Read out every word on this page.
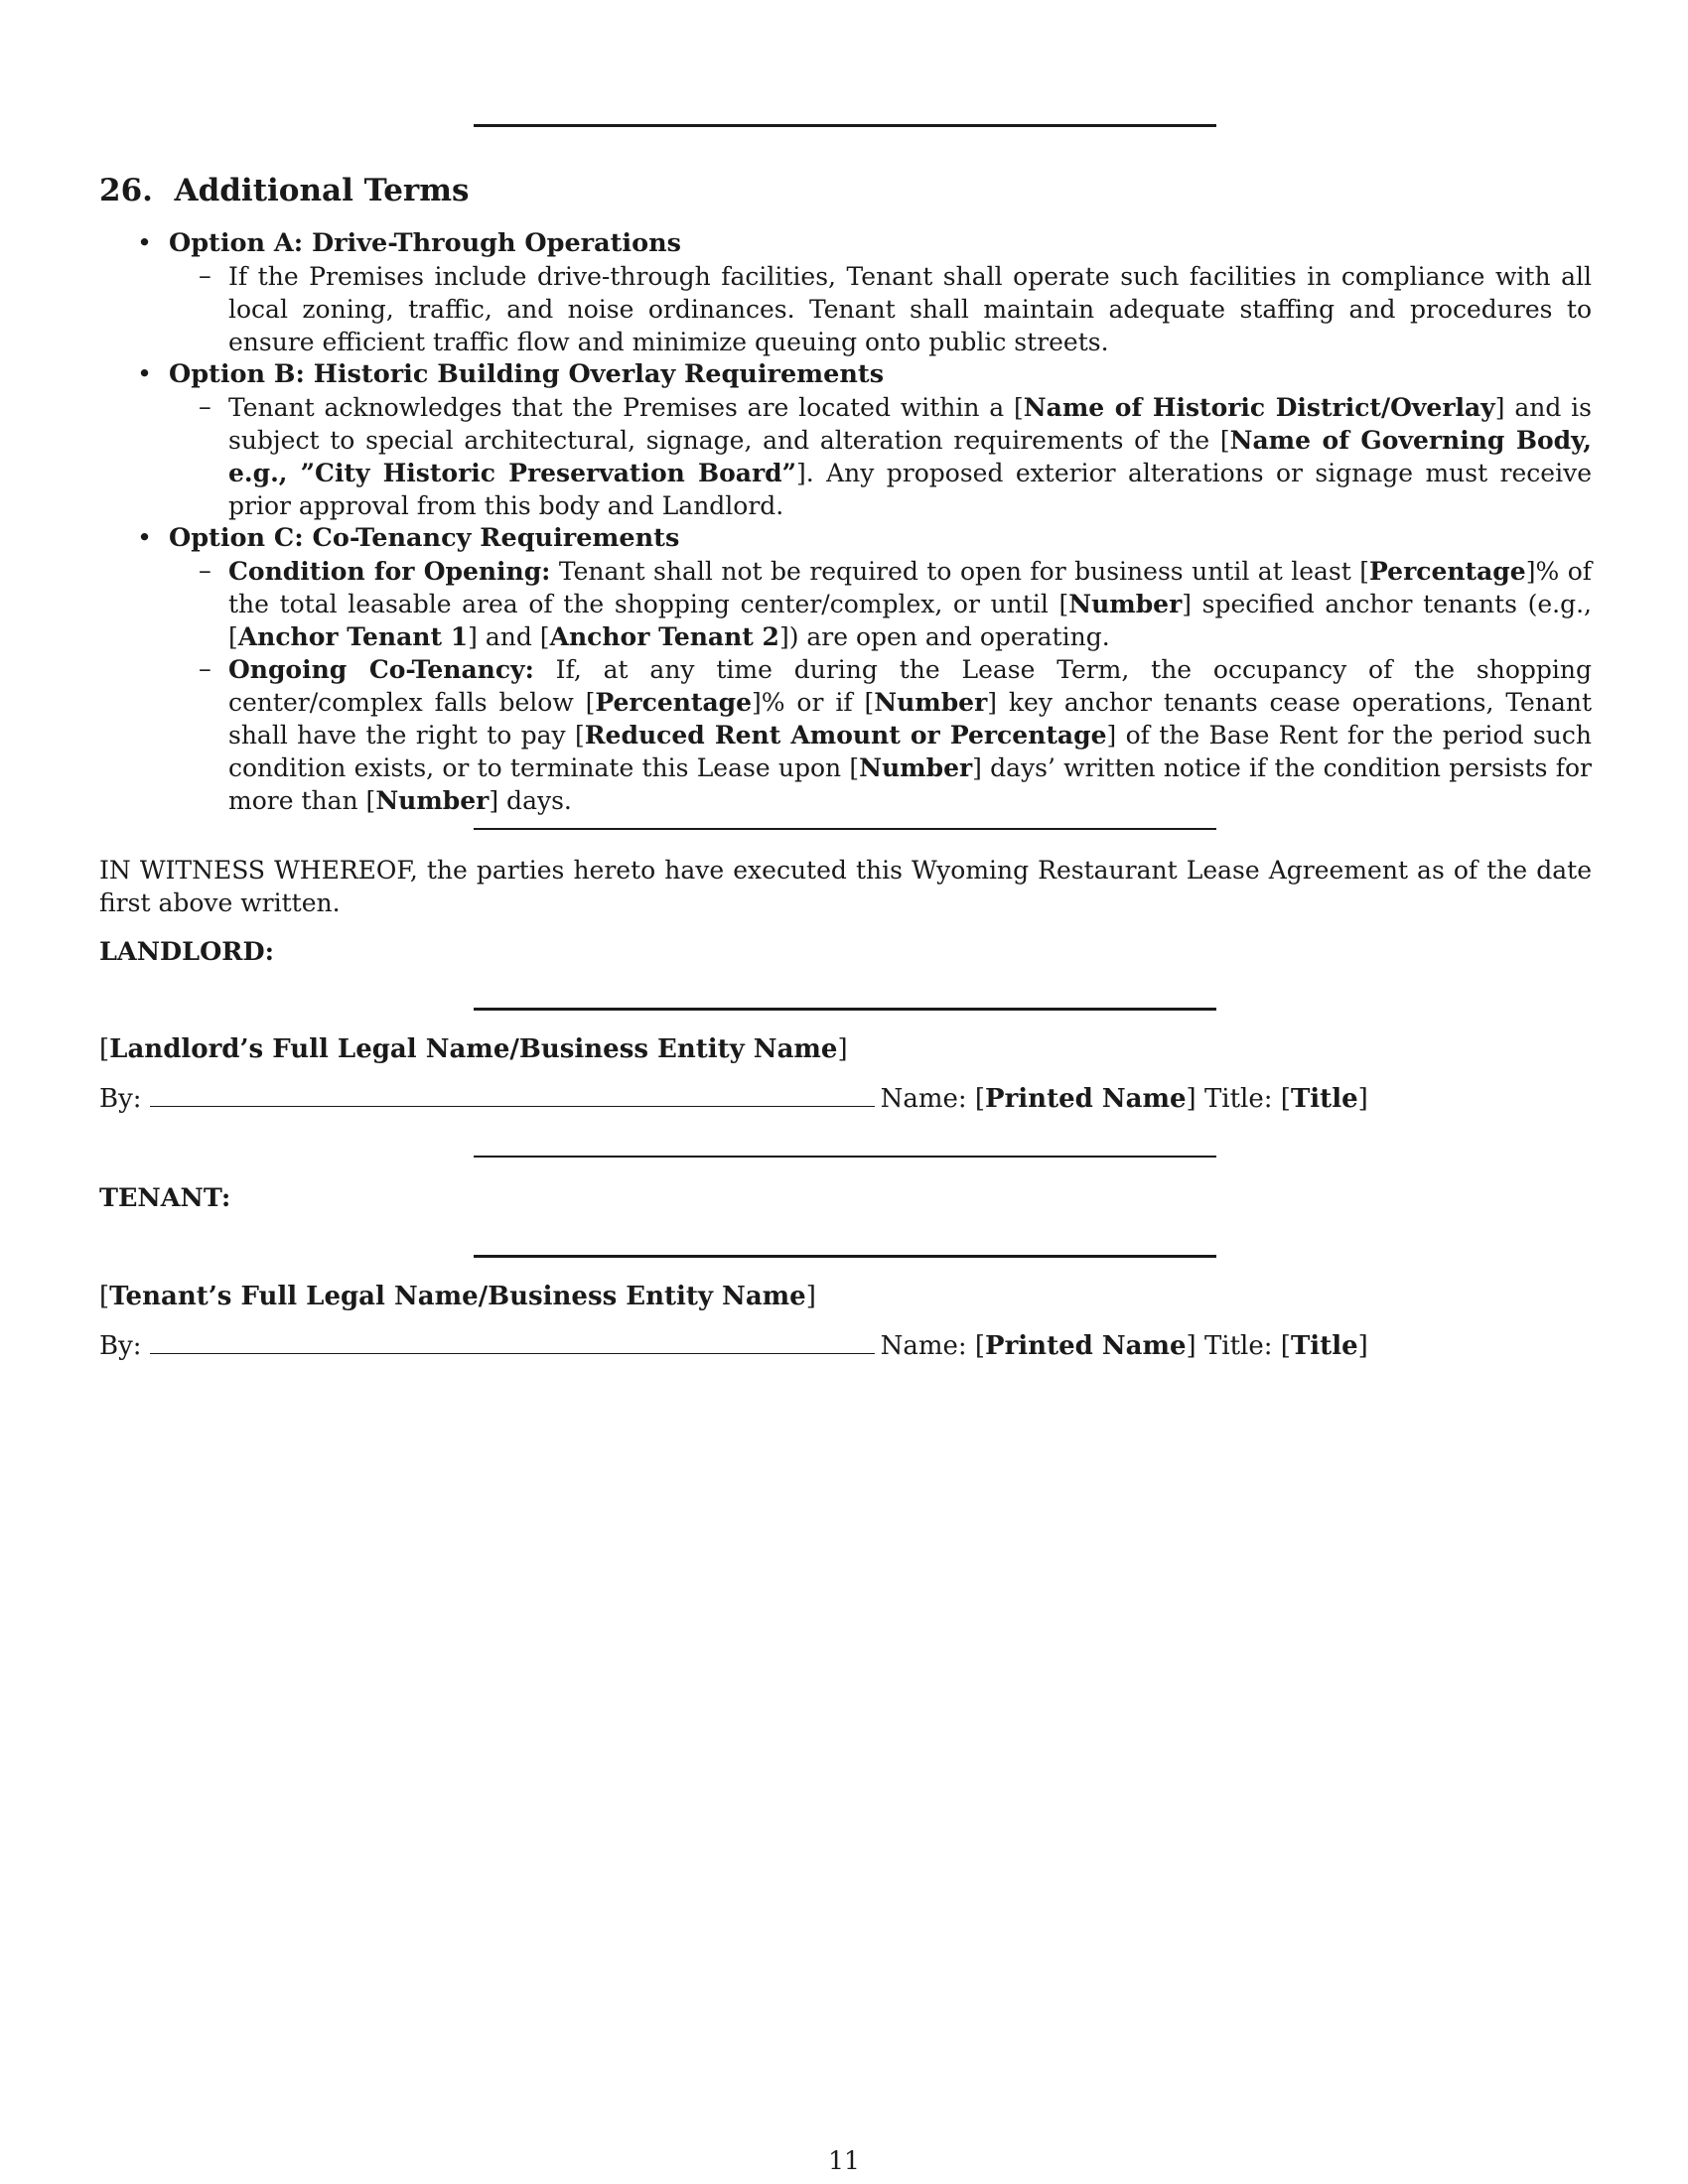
26. Additional Terms
• Option A: Drive-Through Operations
– If the Premises include drive-through facilities, Tenant shall operate such facilities in compliance with all local zoning, traffic, and noise ordinances. Tenant shall maintain adequate staffing and procedures to ensure efficient traffic flow and minimize queuing onto public streets.
• Option B: Historic Building Overlay Requirements
– Tenant acknowledges that the Premises are located within a [Name of Historic District/Overlay] and is subject to special architectural, signage, and alteration requirements of the [Name of Governing Body, e.g., ”City Historic Preservation Board”]. Any proposed exterior alterations or signage must receive prior approval from this body and Landlord.
• Option C: Co-Tenancy Requirements
– Condition for Opening: Tenant shall not be required to open for business until at least [Percentage]% of the total leasable area of the shopping center/complex, or until [Number] specified anchor tenants (e.g., [Anchor Tenant 1] and [Anchor Tenant 2]) are open and operating.
– Ongoing Co-Tenancy: If, at any time during the Lease Term, the occupancy of the shopping center/complex falls below [Percentage]% or if [Number] key anchor tenants cease operations, Tenant shall have the right to pay [Reduced Rent Amount or Percentage] of the Base Rent for the period such condition exists, or to terminate this Lease upon [Number] days’ written notice if the condition persists for more than [Number] days.

IN WITNESS WHEREOF, the parties hereto have executed this Wyoming Restaurant Lease Agreement as of the date first above written.

LANDLORD:
[Landlord’s Full Legal Name/Business Entity Name]
By:	Name: [Printed Name] Title: [Title]
TENANT:
[Tenant’s Full Legal Name/Business Entity Name]
By:	Name: [Printed Name] Title: [Title]
11
